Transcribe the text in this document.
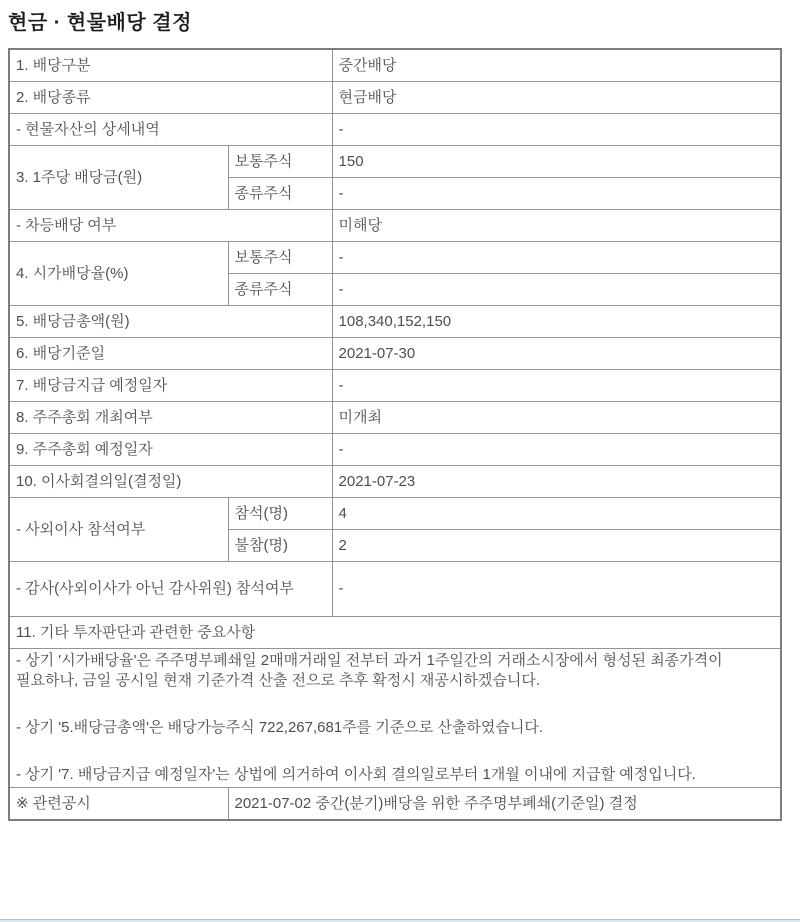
현금 · 현물배당 결정
1. 배당구분		중간배당
2. 배당종류		현금배당
- 현물자산의 상세내역		-
3. 1주당 배당금(원)	보통주식	150
	종류주식	-
- 차등배당 여부		미해당
4. 시가배당율(%)	보통주식	-
	종류주식	-
5. 배당금총액(원)		108,340,152,150
6. 배당기준일		2021-07-30
7. 배당금지급 예정일자		-
8. 주주총회 개최여부		미개최
9. 주주총회 예정일자		-
10. 이사회결의일(결정일)		2021-07-23
- 사외이사 참석여부	참석(명)	4
	불참(명)	2
- 감사(사외이사가 아닌 감사위원) 참석여부		-
11. 기타 투자판단과 관련한 중요사항		

- 상기 '시가배당율'은 주주명부폐쇄일 2매매거래일 전부터 과거 1주일간의 거래소시장에서 형성된 최종가격이 필요하나, 금일 공시일 현재 기준가격 산출 전으로 추후 확정시 재공시하겠습니다.

- 상기 '5.배당금총액'은 배당가능주식 722,267,681주를 기준으로 산출하였습니다.

- 상기 '7. 배당금지급 예정일자'는 상법에 의거하여 이사회 결의일로부터 1개월 이내에 지급할 예정입니다.		

※ 관련공시	2021-07-02 중간(분기)배당을 위한 주주명부폐쇄(기준일) 결정	
